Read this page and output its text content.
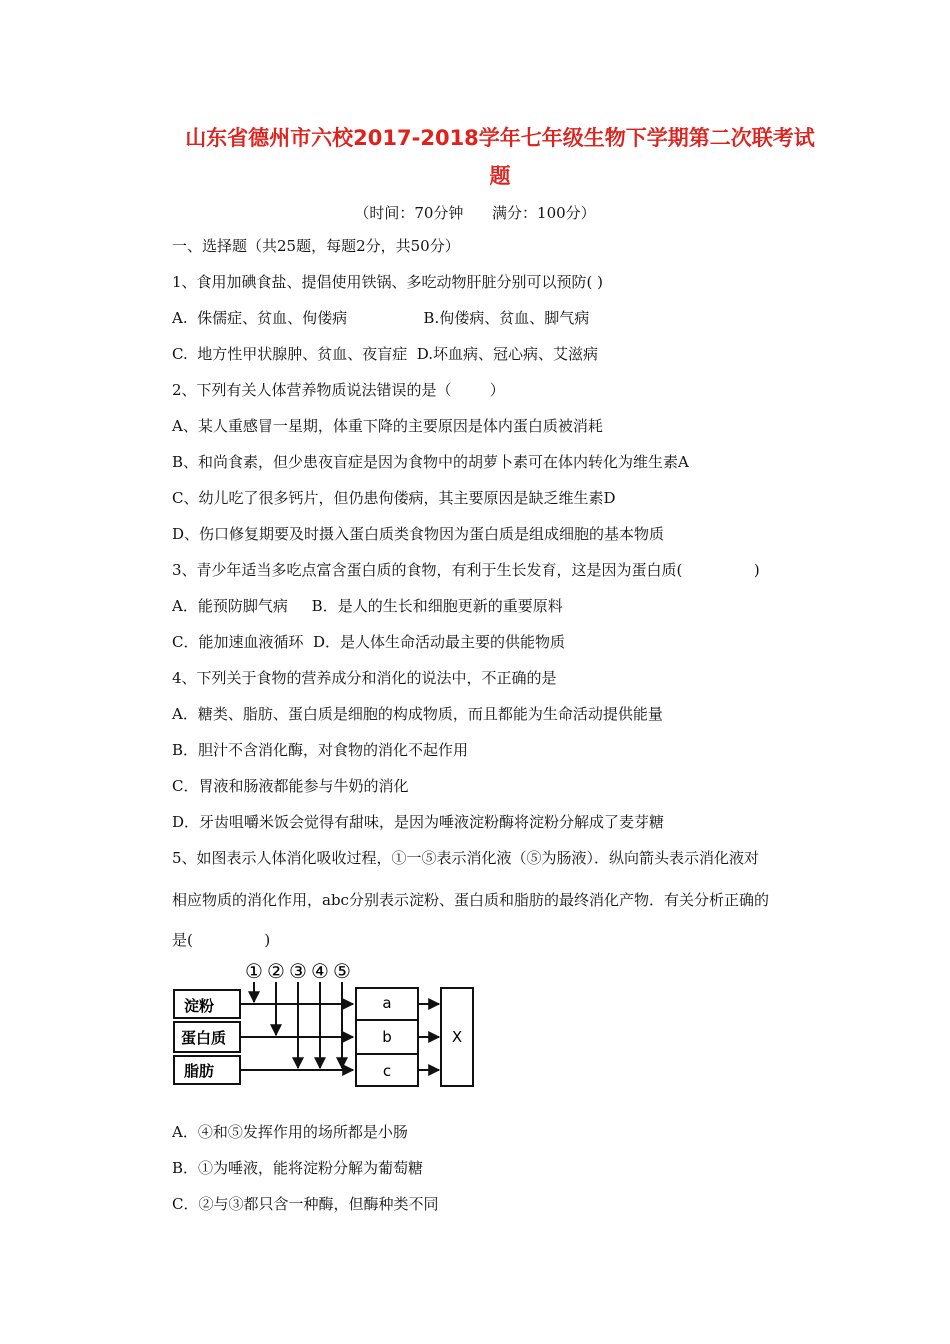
山东省德州市六校2017-2018学年七年级生物下学期第二次联考试
题
（时间：70分钟      满分：100分）
一、选择题（共25题，每题2分，共50分）
1、食用加碘食盐、提倡使用铁锅、多吃动物肝脏分别可以预防( )
A.  侏儒症、贫血、佝偻病                B.佝偻病、贫血、脚气病
C.  地方性甲状腺肿、贫血、夜盲症  D.坏血病、冠心病、艾滋病
2、下列有关人体营养物质说法错误的是（        ）
A、某人重感冒一星期，体重下降的主要原因是体内蛋白质被消耗
B、和尚食素，但少患夜盲症是因为食物中的胡萝卜素可在体内转化为维生素A
C、幼儿吃了很多钙片，但仍患佝偻病，其主要原因是缺乏维生素D
D、伤口修复期要及时摄入蛋白质类食物因为蛋白质是组成细胞的基本物质
3、青少年适当多吃点富含蛋白质的食物，有利于生长发育，这是因为蛋白质(               )
A．能预防脚气病     B．是人的生长和细胞更新的重要原料
C．能加速血液循环  D．是人体生命活动最主要的供能物质
4、下列关于食物的营养成分和消化的说法中，不正确的是
A．糖类、脂肪、蛋白质是细胞的构成物质，而且都能为生命活动提供能量
B．胆汁不含消化酶，对食物的消化不起作用
C．胃液和肠液都能参与牛奶的消化
D．牙齿咀嚼米饭会觉得有甜味，是因为唾液淀粉酶将淀粉分解成了麦芽糖
5、如图表示人体消化吸收过程，①一⑤表示消化液（⑤为肠液）．纵向箭头表示消化液对
相应物质的消化作用，abc分别表示淀粉、蛋白质和脂肪的最终消化产物．有关分析正确的
是(               )
① ② ③ ④ ⑤
淀粉
蛋白质
脂肪
a
b
c
X
A．④和⑤发挥作用的场所都是小肠
B．①为唾液，能将淀粉分解为葡萄糖
C．②与③都只含一种酶，但酶种类不同
